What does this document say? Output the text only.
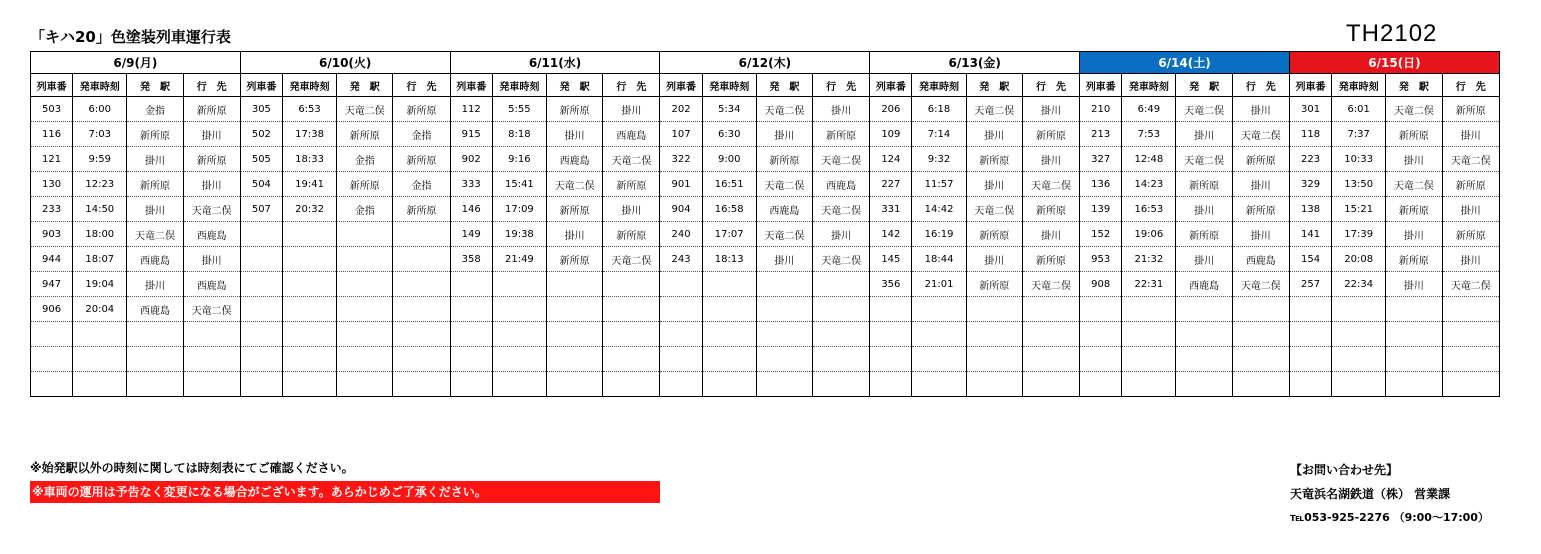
「キハ20」色塗装列車運行表	TH2102
6/9(月)				6/10(火)				6/11(水)				6/12(木)				6/13(金)				6/14(土)				6/15(日)			
列車番	発車時刻	発　駅	行　先	列車番	発車時刻	発　駅	行　先	列車番	発車時刻	発　駅	行　先	列車番	発車時刻	発　駅	行　先	列車番	発車時刻	発　駅	行　先	列車番	発車時刻	発　駅	行　先	列車番	発車時刻	発　駅	行　先
503	6:00	金指	新所原	305	6:53	天竜二俣	新所原	112	5:55	新所原	掛川	202	5:34	天竜二俣	掛川	206	6:18	天竜二俣	掛川	210	6:49	天竜二俣	掛川	301	6:01	天竜二俣	新所原
116	7:03	新所原	掛川	502	17:38	新所原	金指	915	8:18	掛川	西鹿島	107	6:30	掛川	新所原	109	7:14	掛川	新所原	213	7:53	掛川	天竜二俣	118	7:37	新所原	掛川
121	9:59	掛川	新所原	505	18:33	金指	新所原	902	9:16	西鹿島	天竜二俣	322	9:00	新所原	天竜二俣	124	9:32	新所原	掛川	327	12:48	天竜二俣	新所原	223	10:33	掛川	天竜二俣
130	12:23	新所原	掛川	504	19:41	新所原	金指	333	15:41	天竜二俣	新所原	901	16:51	天竜二俣	西鹿島	227	11:57	掛川	天竜二俣	136	14:23	新所原	掛川	329	13:50	天竜二俣	新所原
233	14:50	掛川	天竜二俣	507	20:32	金指	新所原	146	17:09	新所原	掛川	904	16:58	西鹿島	天竜二俣	331	14:42	天竜二俣	新所原	139	16:53	掛川	新所原	138	15:21	新所原	掛川
903	18:00	天竜二俣	西鹿島					149	19:38	掛川	新所原	240	17:07	天竜二俣	掛川	142	16:19	新所原	掛川	152	19:06	新所原	掛川	141	17:39	掛川	新所原
944	18:07	西鹿島	掛川					358	21:49	新所原	天竜二俣	243	18:13	掛川	天竜二俣	145	18:44	掛川	新所原	953	21:32	掛川	西鹿島	154	20:08	新所原	掛川
947	19:04	掛川	西鹿島													356	21:01	新所原	天竜二俣	908	22:31	西鹿島	天竜二俣	257	22:34	掛川	天竜二俣
906	20:04	西鹿島	天竜二俣																								

※始発駅以外の時刻に関しては時刻表にてご確認ください。
※車両の運用は予告なく変更になる場合がございます。あらかじめご了承ください。
【お問い合わせ先】
天竜浜名湖鉄道（株） 営業課
℡053-925-2276 （9:00～17:00）
